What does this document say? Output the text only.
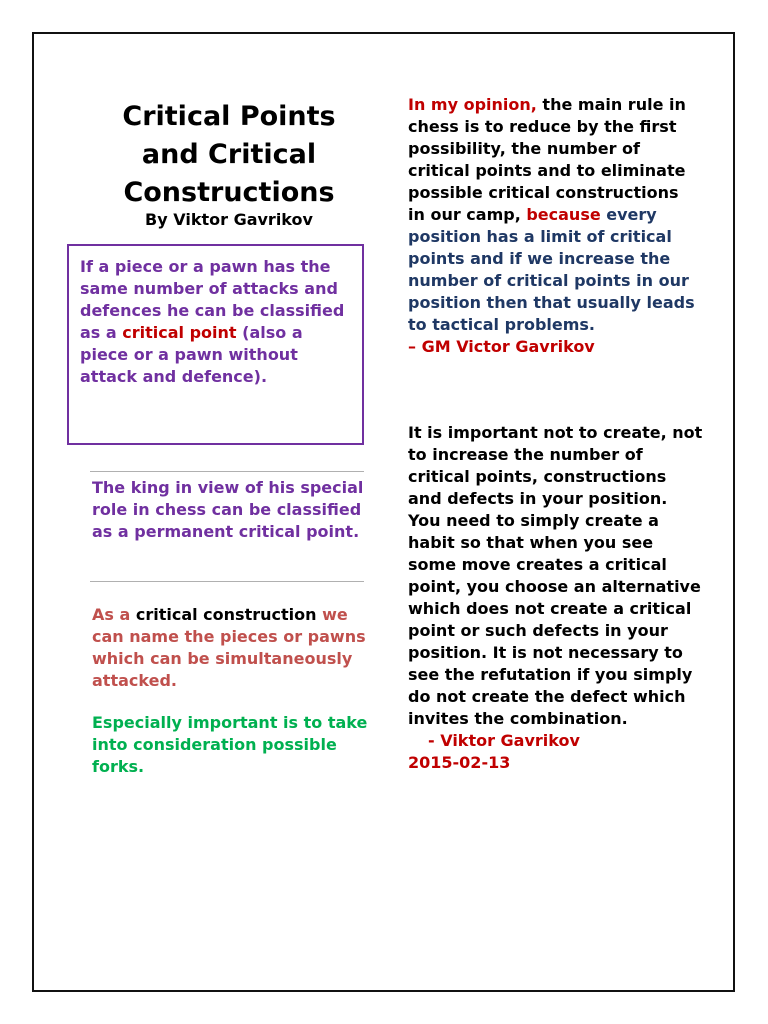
Critical Points
and Critical
Constructions
By Viktor Gavrikov
If a piece or a pawn has the same number of attacks and defences he can be classified as a critical point (also a piece or a pawn without attack and defence).
The king in view of his special role in chess can be classified as a permanent critical point.
As a critical construction we can name the pieces or pawns which can be simultaneously attacked.
Especially important is to take into consideration possible forks.
In my opinion, the main rule in chess is to reduce by the first possibility, the number of critical points and to eliminate possible critical constructions in our camp, because every position has a limit of critical points and if we increase the number of critical points in our position then that usually leads to tactical problems.
– GM Victor Gavrikov
It is important not to create, not to increase the number of critical points, constructions and defects in your position. You need to simply create a habit so that when you see some move creates a critical point, you choose an alternative which does not create a critical point or such defects in your position. It is not necessary to see the refutation if you simply do not create the defect which invites the combination.
- Viktor Gavrikov
2015-02-13
